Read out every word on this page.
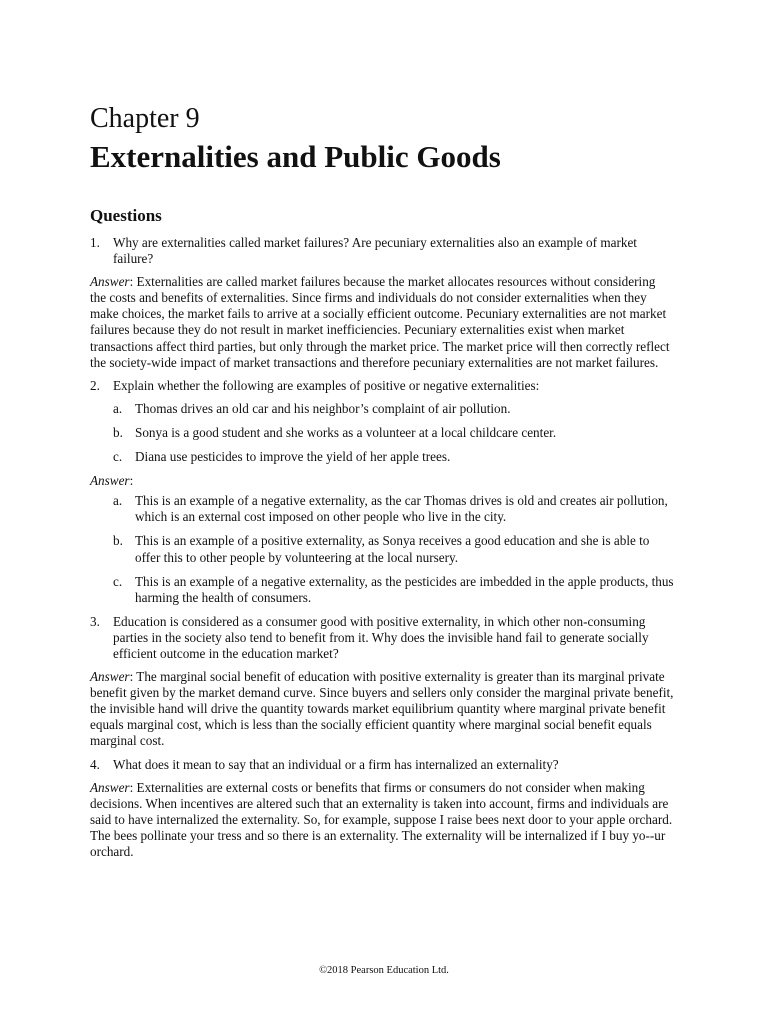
Chapter 9
Externalities and Public Goods
Questions
1. Why are externalities called market failures? Are pecuniary externalities also an example of market failure?
Answer: Externalities are called market failures because the market allocates resources without considering the costs and benefits of externalities. Since firms and individuals do not consider externalities when they make choices, the market fails to arrive at a socially efficient outcome. Pecuniary externalities are not market failures because they do not result in market inefficiencies. Pecuniary externalities exist when market transactions affect third parties, but only through the market price. The market price will then correctly reflect the society-wide impact of market transactions and therefore pecuniary externalities are not market failures.
2. Explain whether the following are examples of positive or negative externalities:
a. Thomas drives an old car and his neighbor’s complaint of air pollution.
b. Sonya is a good student and she works as a volunteer at a local childcare center.
c. Diana use pesticides to improve the yield of her apple trees.
Answer:
a. This is an example of a negative externality, as the car Thomas drives is old and creates air pollution, which is an external cost imposed on other people who live in the city.
b. This is an example of a positive externality, as Sonya receives a good education and she is able to offer this to other people by volunteering at the local nursery.
c. This is an example of a negative externality, as the pesticides are imbedded in the apple products, thus harming the health of consumers.
3. Education is considered as a consumer good with positive externality, in which other non-consuming parties in the society also tend to benefit from it. Why does the invisible hand fail to generate socially efficient outcome in the education market?
Answer: The marginal social benefit of education with positive externality is greater than its marginal private benefit given by the market demand curve. Since buyers and sellers only consider the marginal private benefit, the invisible hand will drive the quantity towards market equilibrium quantity where marginal private benefit equals marginal cost, which is less than the socially efficient quantity where marginal social benefit equals marginal cost.
4. What does it mean to say that an individual or a firm has internalized an externality?
Answer: Externalities are external costs or benefits that firms or consumers do not consider when making decisions. When incentives are altered such that an externality is taken into account, firms and individuals are said to have internalized the externality. So, for example, suppose I raise bees next door to your apple orchard. The bees pollinate your tress and so there is an externality. The externality will be internalized if I buy yo--ur orchard.
©2018 Pearson Education Ltd.
